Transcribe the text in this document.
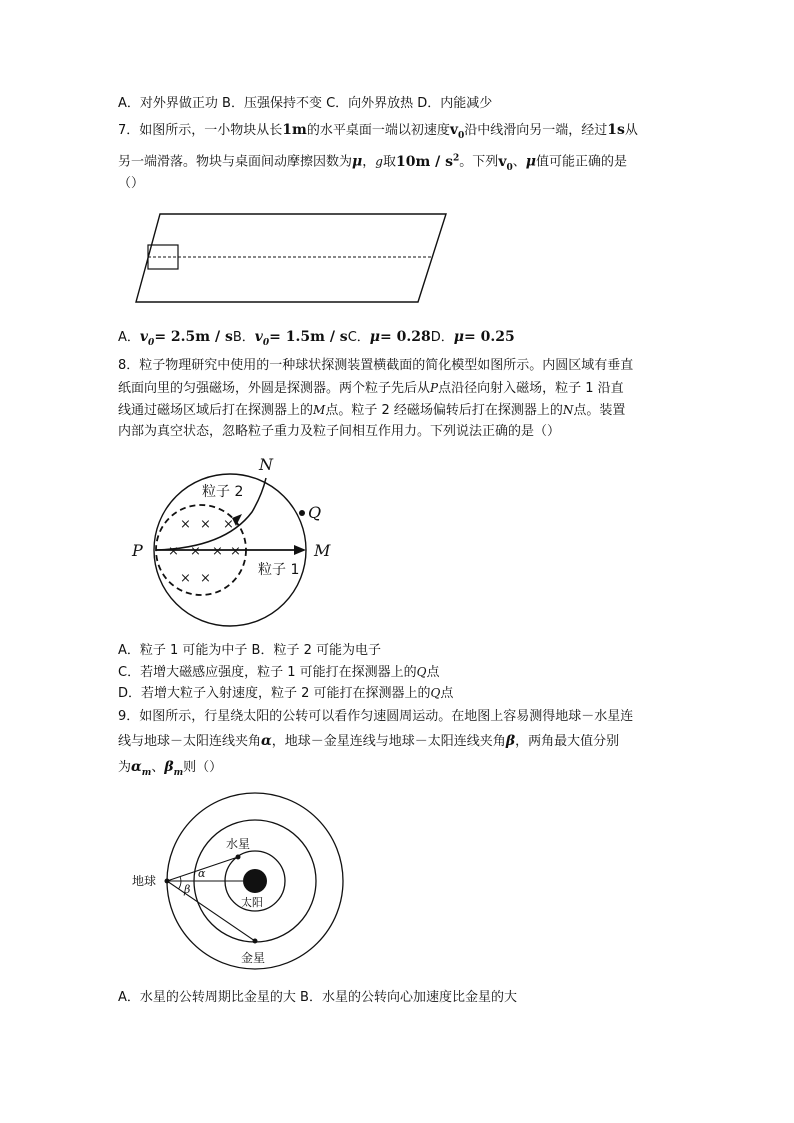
A．对外界做正功 B．压强保持不变 C．向外界放热 D．内能减少
7．如图所示，一小物块从长1m的水平桌面一端以初速度$v_0$沿中线滑向另一端，经过1s从
另一端滑落。物块与桌面间动摩擦因数为μ，g取$10m / s^2$。下列$v_0$、μ值可能正确的是
（）
A．$v_0= 2.5m$ / sB．$v_0= 1.5m$ / sC．μ= 0.28D．μ= 0.25
8．粒子物理研究中使用的一种球状探测装置横截面的简化模型如图所示。内圆区域有垂直
纸面向里的匀强磁场，外圆是探测器。两个粒子先后从P点沿径向射入磁场，粒子 1 沿直
线通过磁场区域后打在探测器上的M点。粒子 2 经磁场偏转后打在探测器上的N点。装置
内部为真空状态，忽略粒子重力及粒子间相互作用力。下列说法正确的是（）
× ×
× × × ×
× ×
×
N
Q
P	M
粒子 2
粒子 1
A．粒子 1 可能为中子 B．粒子 2 可能为电子
C．若增大磁感应强度，粒子 1 可能打在探测器上的Q点
D．若增大粒子入射速度，粒子 2 可能打在探测器上的Q点
9．如图所示，行星绕太阳的公转可以看作匀速圆周运动。在地图上容易测得地球－水星连
线与地球－太阳连线夹角α，地球－金星连线与地球－太阳连线夹角β，两角最大值分别
为$\alpha_m$、$\beta_m$则（）
α
β
水星
地球
太阳
金星
A．水星的公转周期比金星的大 B．水星的公转向心加速度比金星的大
